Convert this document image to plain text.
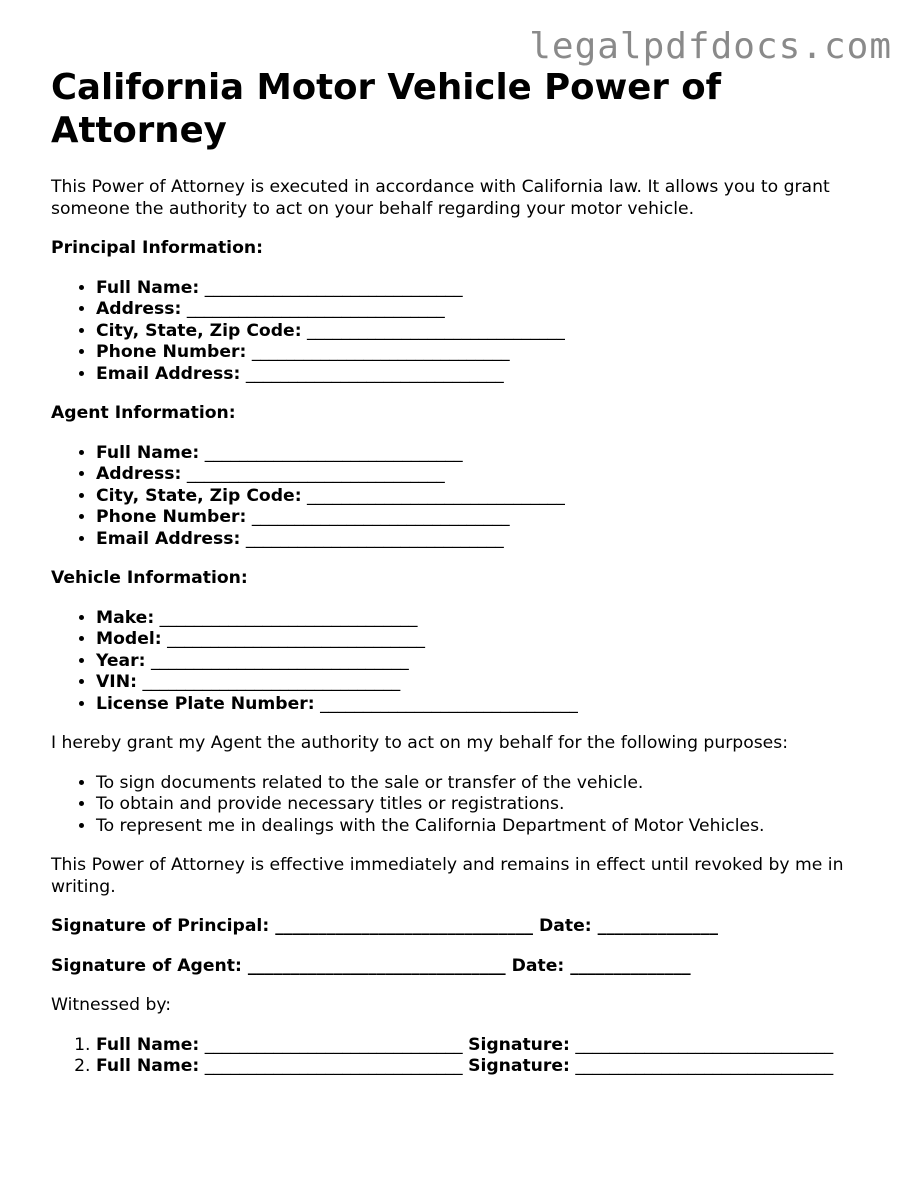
legalpdfdocs.com
California Motor Vehicle Power of Attorney

This Power of Attorney is executed in accordance with California law. It allows you to grant someone the authority to act on your behalf regarding your motor vehicle.

Principal Information:

• Full Name: ______________________________
• Address: ______________________________
• City, State, Zip Code: ______________________________
• Phone Number: ______________________________
• Email Address: ______________________________

Agent Information:

• Full Name: ______________________________
• Address: ______________________________
• City, State, Zip Code: ______________________________
• Phone Number: ______________________________
• Email Address: ______________________________

Vehicle Information:

• Make: ______________________________
• Model: ______________________________
• Year: ______________________________
• VIN: ______________________________
• License Plate Number: ______________________________

I hereby grant my Agent the authority to act on my behalf for the following purposes:

• To sign documents related to the sale or transfer of the vehicle.
• To obtain and provide necessary titles or registrations.
• To represent me in dealings with the California Department of Motor Vehicles.

This Power of Attorney is effective immediately and remains in effect until revoked by me in writing.

Signature of Principal: ______________________________ Date: ______________

Signature of Agent: ______________________________ Date: ______________

Witnessed by:

1. Full Name: ______________________________ Signature: ______________________________
2. Full Name: ______________________________ Signature: ______________________________
